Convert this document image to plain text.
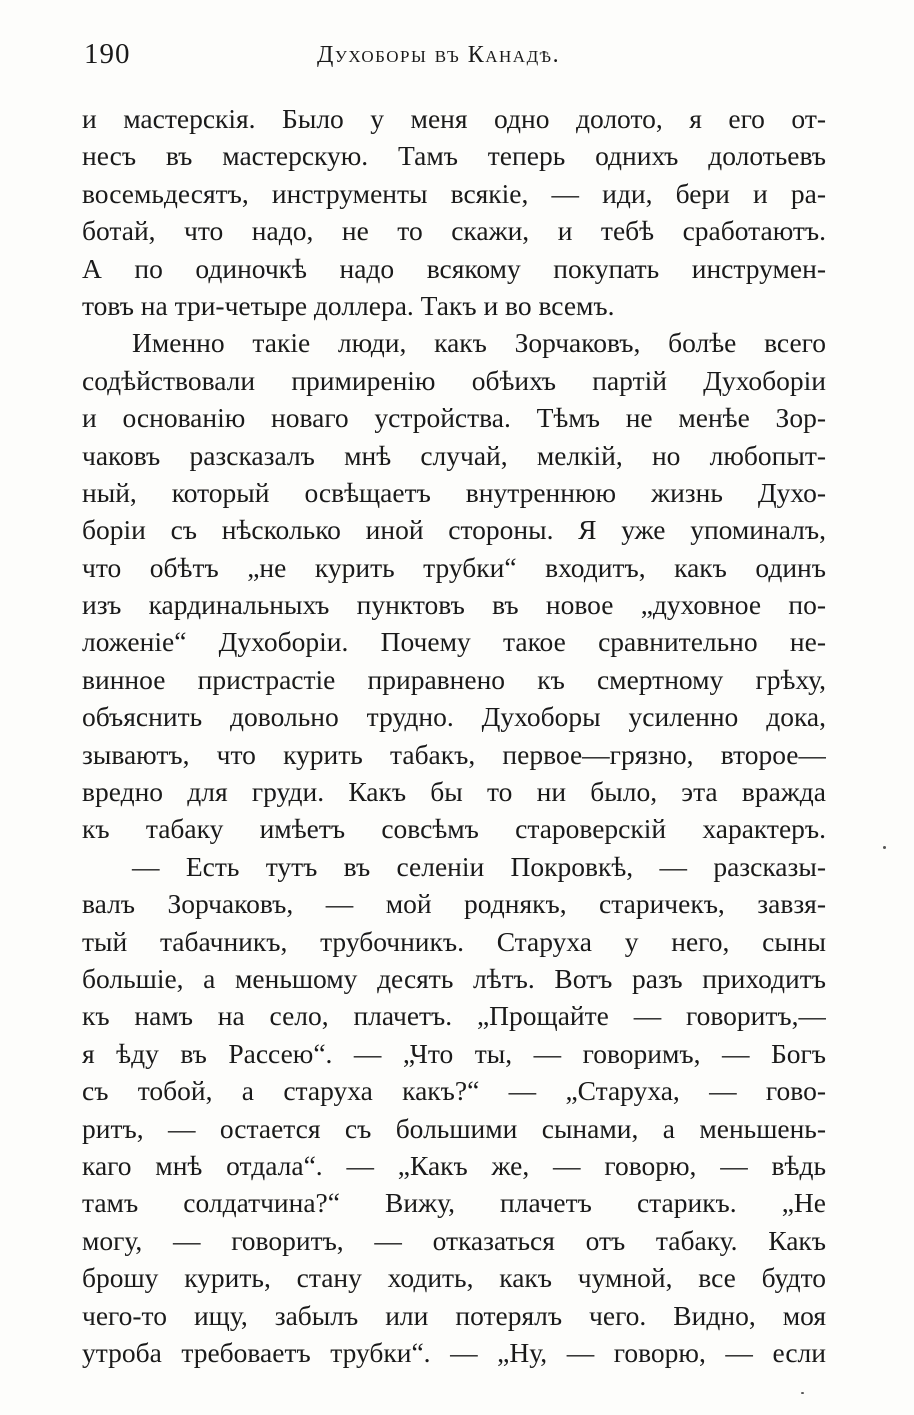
190	Духоборы въ Канадѣ.
и мастерскія. Было у меня одно долото, я его от-
несъ въ мастерскую. Тамъ теперь однихъ долотьевъ
восемьдесятъ, инструменты всякіе, — иди, бери и ра-
ботай, что надо, не то скажи, и тебѣ сработаютъ.
А по одиночкѣ надо всякому покупать инструмен-
товъ на три-четыре доллера. Такъ и во всемъ.
Именно такіе люди, какъ Зорчаковъ, болѣе всего
содѣйствовали примиренію обѣихъ партій Духоборіи
и основанію новаго устройства. Тѣмъ не менѣе Зор-
чаковъ разсказалъ мнѣ случай, мелкій, но любопыт-
ный, который освѣщаетъ внутреннюю жизнь Духо-
боріи съ нѣсколько иной стороны. Я уже упоминалъ,
что обѣтъ „не курить трубки“ входитъ, какъ одинъ
изъ кардинальныхъ пунктовъ въ новое „духовное по-
ложеніе“ Духоборіи. Почему такое сравнительно не-
винное пристрастіе приравнено къ смертному грѣху,
объяснить довольно трудно. Духоборы усиленно дока,
зываютъ, что курить табакъ, первое—грязно, второе—
вредно для груди. Какъ бы то ни было, эта вражда
къ табаку имѣетъ совсѣмъ староверскій характеръ.
— Есть тутъ въ селеніи Покровкѣ, — разсказы-
валъ Зорчаковъ, — мой роднякъ, старичекъ, завзя-
тый табачникъ, трубочникъ. Старуха у него, сыны
большіе, а меньшому десять лѣтъ. Вотъ разъ приходитъ
къ намъ на село, плачетъ. „Прощайте — говоритъ,—
я ѣду въ Рассею“. — „Что ты, — говоримъ, — Богъ
съ тобой, а старуха какъ?“ — „Старуха, — гово-
ритъ, — остается съ большими сынами, а меньшень-
каго мнѣ отдала“. — „Какъ же, — говорю, — вѣдь
тамъ солдатчина?“ Вижу, плачетъ старикъ. „Не
могу, — говоритъ, — отказаться отъ табаку. Какъ
брошу курить, стану ходить, какъ чумной, все будто
чего-то ищу, забылъ или потерялъ чего. Видно, моя
утроба требоваетъ трубки“. — „Ну, — говорю, — если
